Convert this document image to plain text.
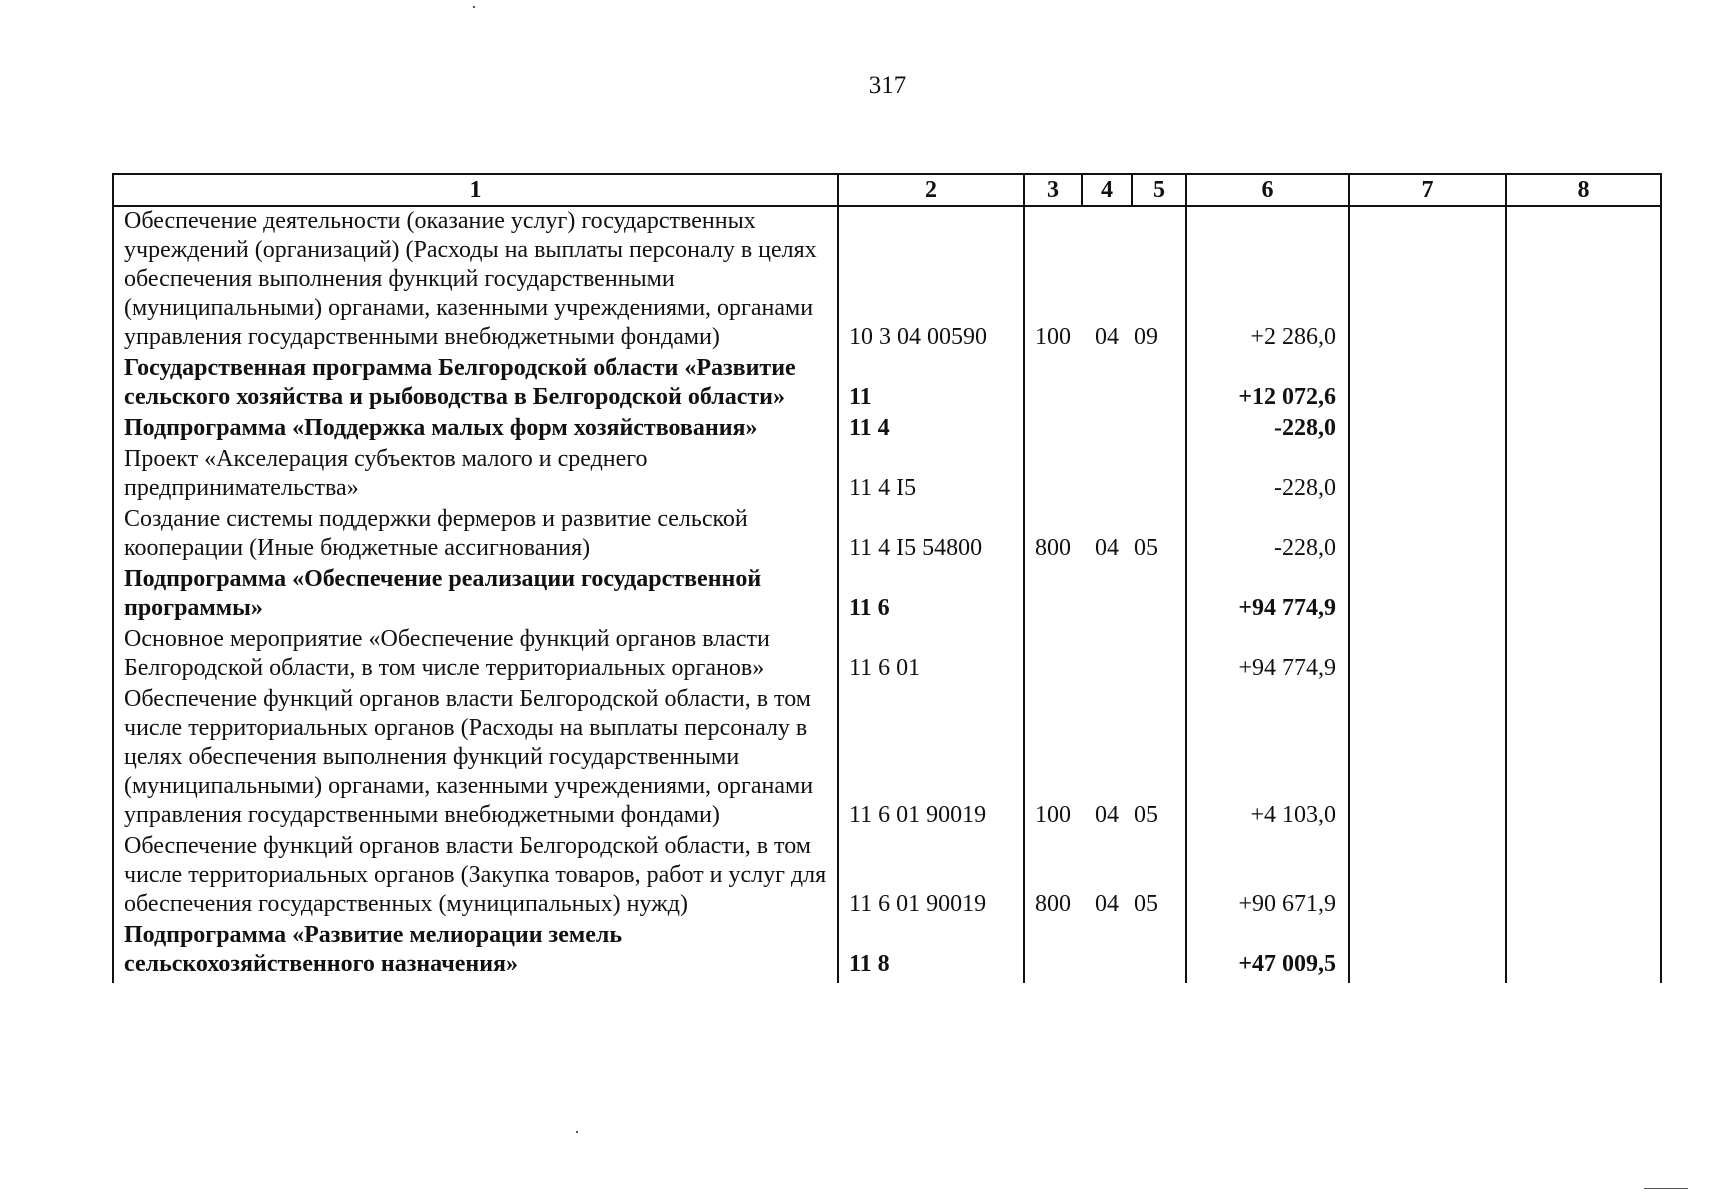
317
1	2	3	4	5	6	7	8
Обеспечение деятельности (оказание услуг) государственных учреждений (организаций) (Расходы на выплаты персоналу в целях обеспечения выполнения функций государственными (муниципальными) органами, казенными учреждениями, органами управления государственными внебюджетными фондами)	10 3 04 00590	100	04	09	+2 286,0		
Государственная программа Белгородской области «Развитие сельского хозяйства и рыбоводства в Белгородской области»	11				+12 072,6		
Подпрограмма «Поддержка малых форм хозяйствования»	11 4				-228,0		
Проект «Акселерация субъектов малого и среднего предпринимательства»	11 4 I5				-228,0		
Создание системы поддержки фермеров и развитие сельской кооперации (Иные бюджетные ассигнования)	11 4 I5 54800	800	04	05	-228,0		
Подпрограмма «Обеспечение реализации государственной программы»	11 6				+94 774,9		
Основное мероприятие «Обеспечение функций органов власти Белгородской области, в том числе территориальных органов»	11 6 01				+94 774,9		
Обеспечение функций органов власти Белгородской области, в том числе территориальных органов (Расходы на выплаты персоналу в целях обеспечения выполнения функций государственными (муниципальными) органами, казенными учреждениями, органами управления государственными внебюджетными фондами)	11 6 01 90019	100	04	05	+4 103,0		
Обеспечение функций органов власти Белгородской области, в том числе территориальных органов (Закупка товаров, работ и услуг для обеспечения государственных (муниципальных) нужд)	11 6 01 90019	800	04	05	+90 671,9		
Подпрограмма «Развитие мелиорации земель сельскохозяйственного назначения»	11 8				+47 009,5		
